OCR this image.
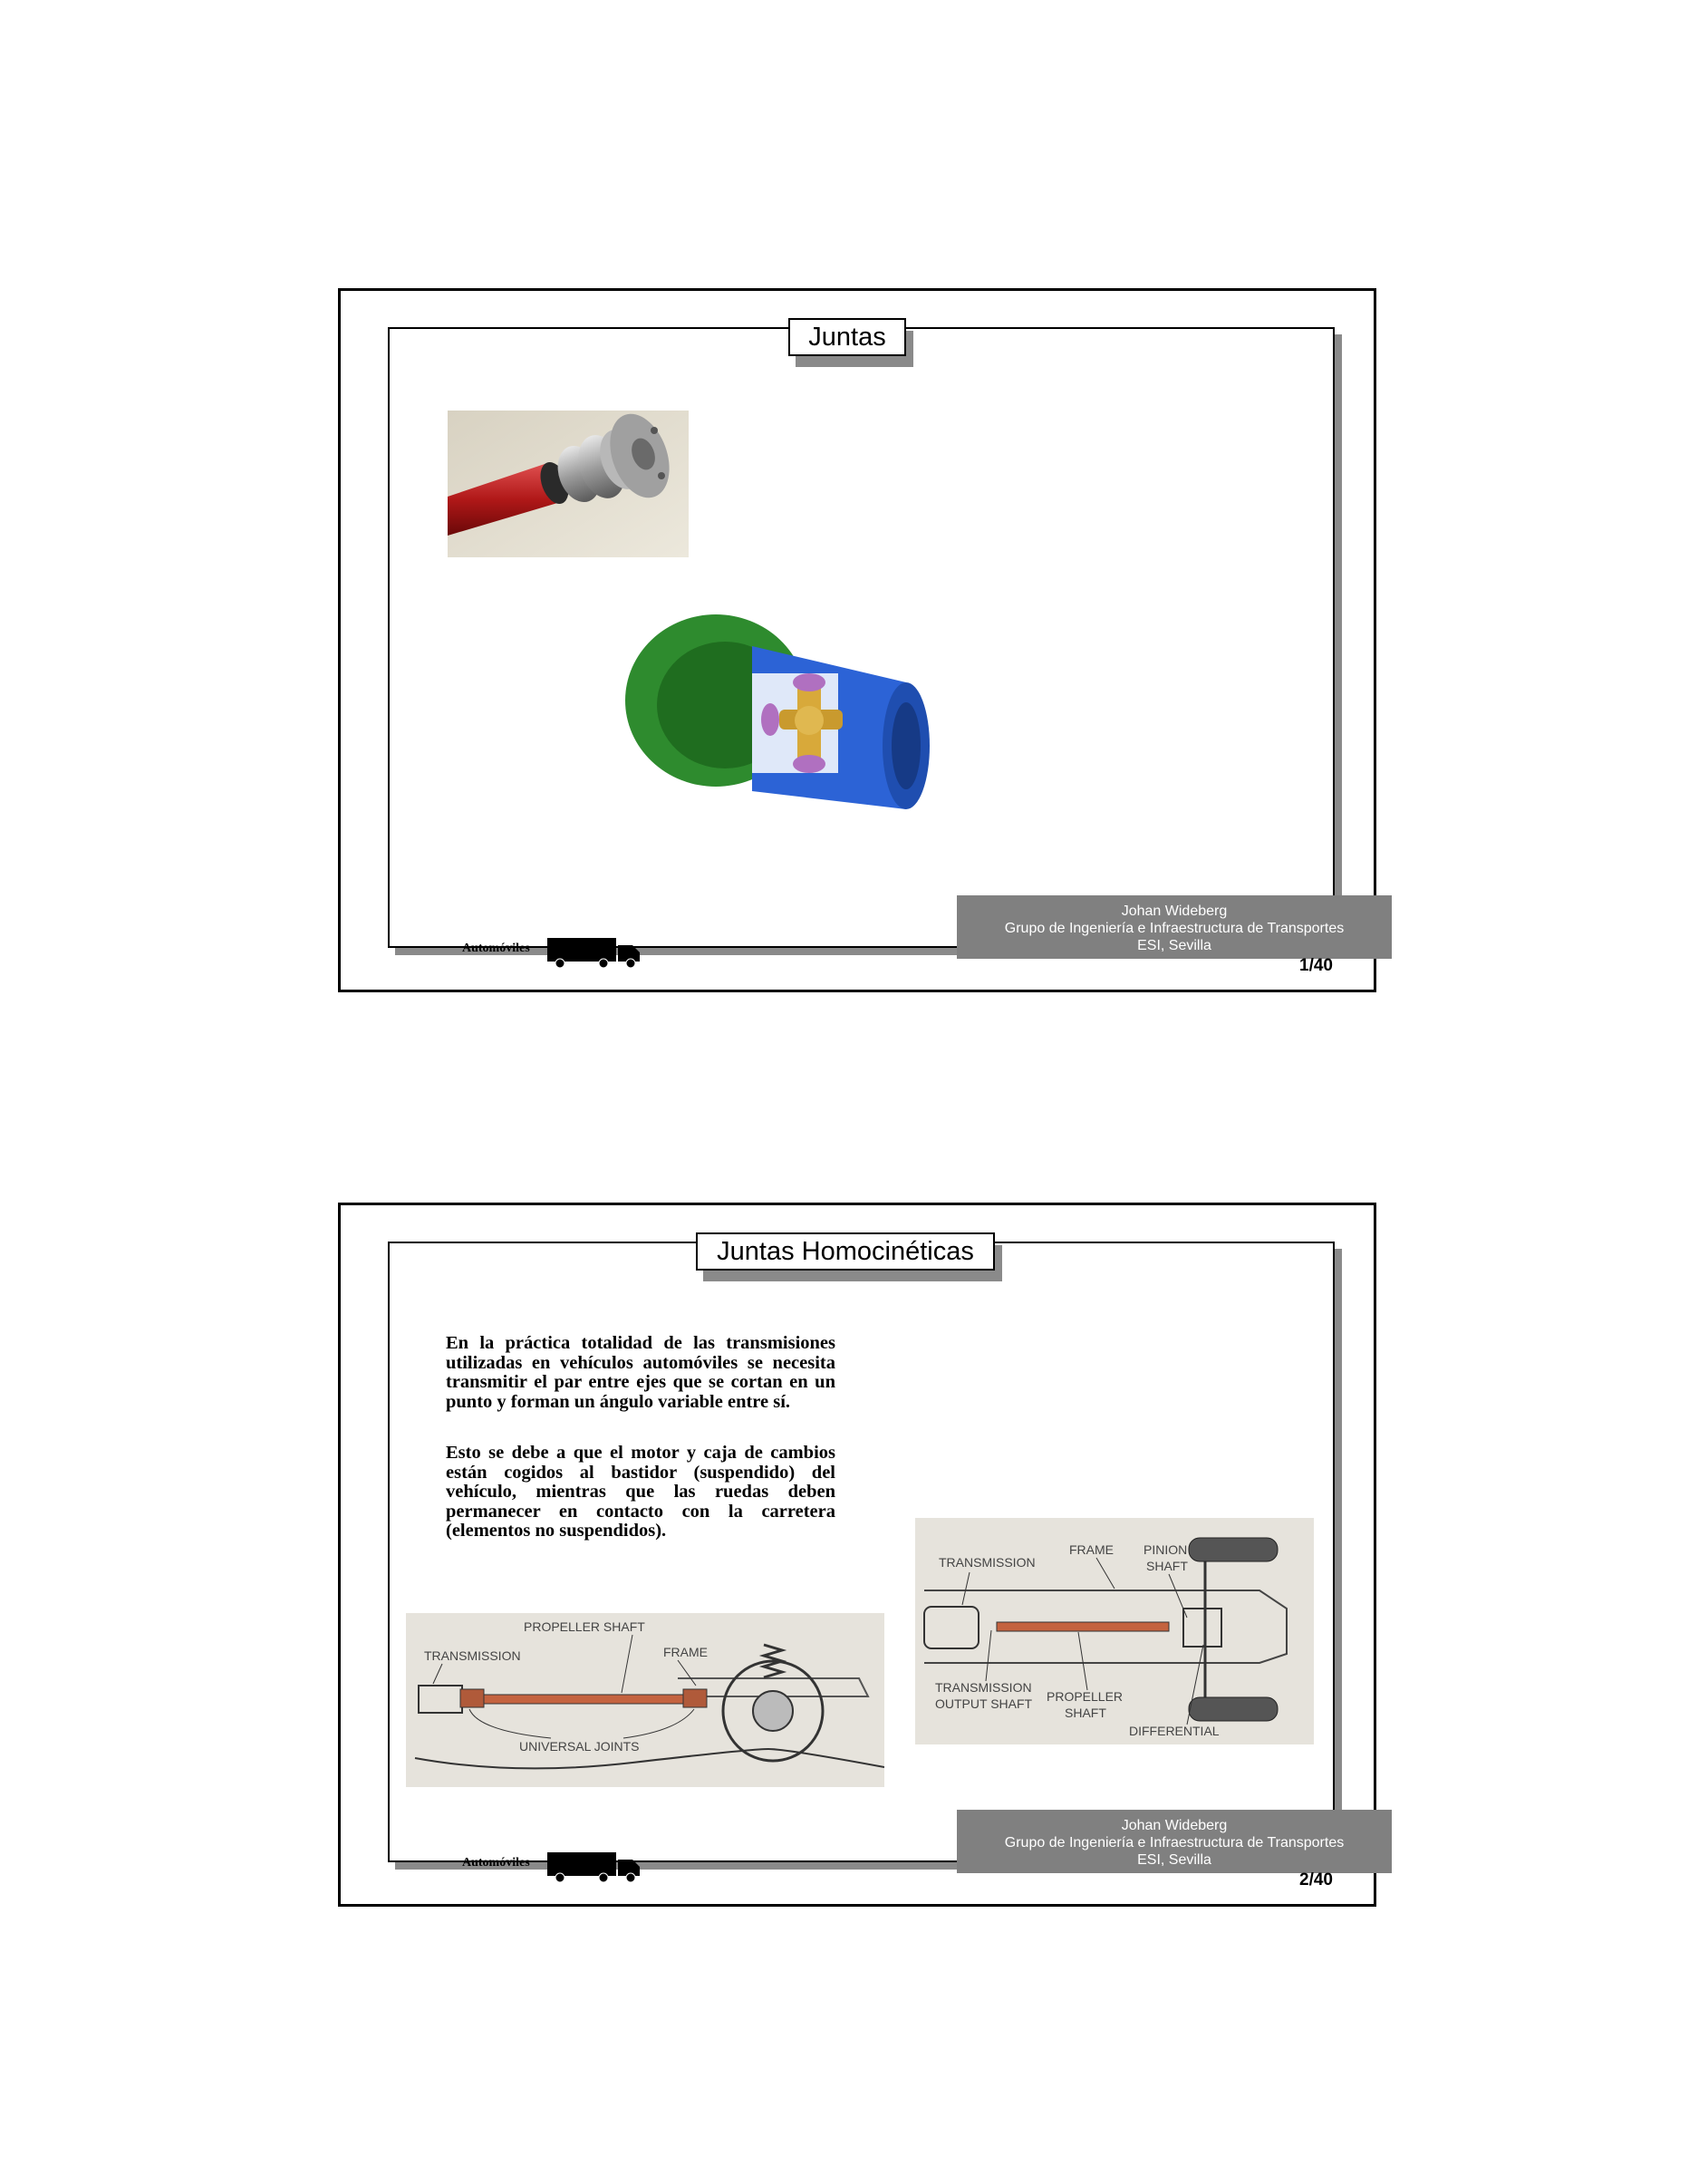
Juntas
Johan Wideberg
Grupo de Ingeniería e Infraestructura de Transportes
ESI, Sevilla
Automóviles
1/40
Juntas Homocinéticas

En la práctica totalidad de las transmisiones utilizadas en vehículos automóviles se necesita transmitir el par entre ejes que se cortan en un punto y forman un ángulo variable entre sí.

Esto se debe a que el motor y caja de cambios están cogidos al bastidor (suspendido) del vehículo, mientras que las ruedas deben permanecer en contacto con la carretera (elementos no suspendidos).

PROPELLER SHAFT
TRANSMISSION	FRAME
UNIVERSAL JOINTS
TRANSMISSION
FRAME PINION
SHAFT
TRANSMISSION
OUTPUT SHAFT PROPELLER
SHAFT
DIFFERENTIAL
Johan Wideberg
Grupo de Ingeniería e Infraestructura de Transportes
ESI, Sevilla
Automóviles
2/40
